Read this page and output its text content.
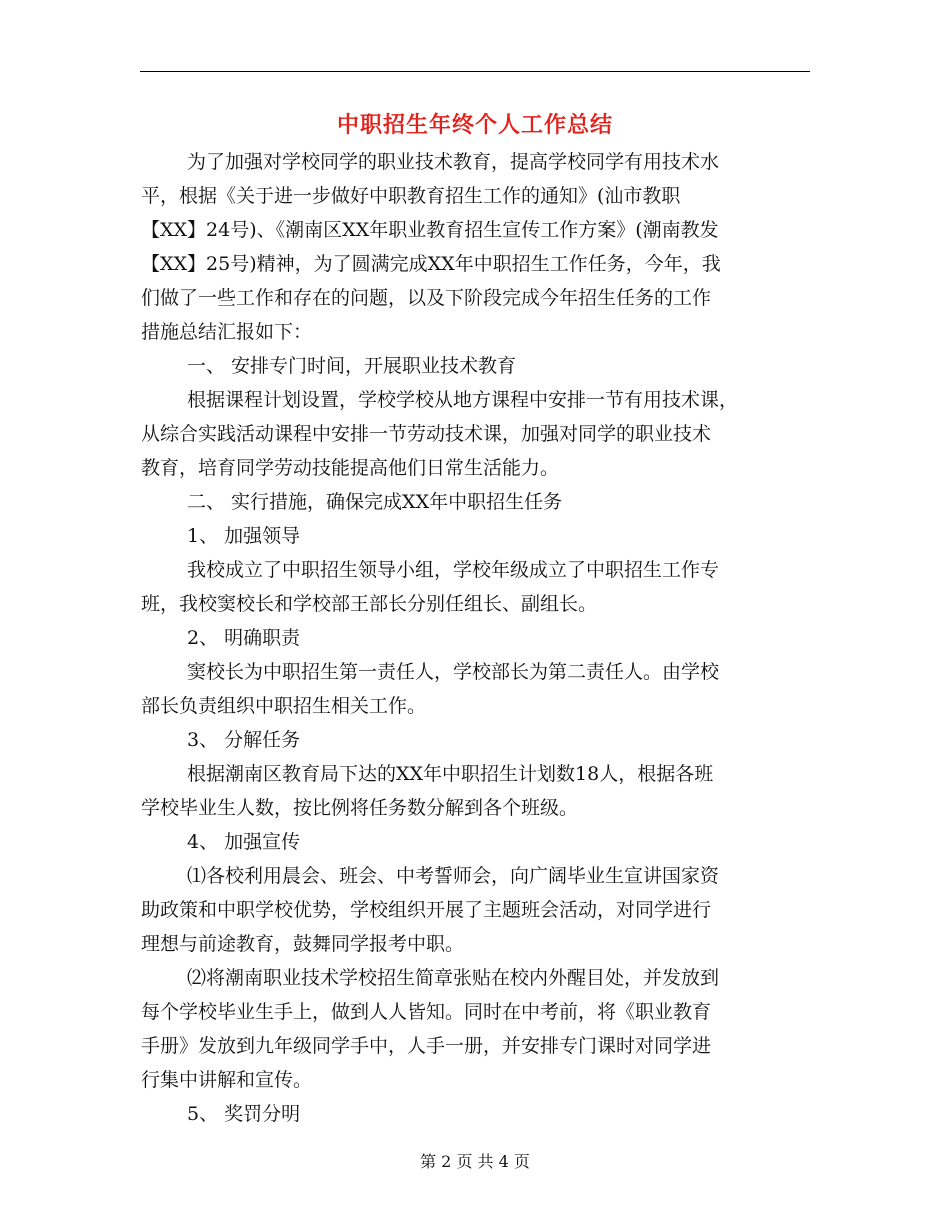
中职招生年终个人工作总结
为了加强对学校同学的职业技术教育，提高学校同学有用技术水
平，根据《关于进一步做好中职教育招生工作的通知》(汕市教职
【XX】24号)、《潮南区XX年职业教育招生宣传工作方案》(潮南教发
【XX】25号)精神，为了圆满完成XX年中职招生工作任务，今年，我
们做了一些工作和存在的问题，以及下阶段完成今年招生任务的工作
措施总结汇报如下：
一、 安排专门时间，开展职业技术教育
根据课程计划设置，学校学校从地方课程中安排一节有用技术课，
从综合实践活动课程中安排一节劳动技术课，加强对同学的职业技术
教育，培育同学劳动技能提高他们日常生活能力。
二、 实行措施，确保完成XX年中职招生任务
1、 加强领导
我校成立了中职招生领导小组，学校年级成立了中职招生工作专
班，我校窦校长和学校部王部长分别任组长、副组长。
2、 明确职责
窦校长为中职招生第一责任人，学校部长为第二责任人。由学校
部长负责组织中职招生相关工作。
3、 分解任务
根据潮南区教育局下达的XX年中职招生计划数18人，根据各班
学校毕业生人数，按比例将任务数分解到各个班级。
4、 加强宣传
⑴各校利用晨会、班会、中考誓师会，向广阔毕业生宣讲国家资
助政策和中职学校优势，学校组织开展了主题班会活动，对同学进行
理想与前途教育，鼓舞同学报考中职。
⑵将潮南职业技术学校招生简章张贴在校内外醒目处，并发放到
每个学校毕业生手上，做到人人皆知。同时在中考前，将《职业教育
手册》发放到九年级同学手中，人手一册，并安排专门课时对同学进
行集中讲解和宣传。
5、 奖罚分明
第 2 页 共 4 页
